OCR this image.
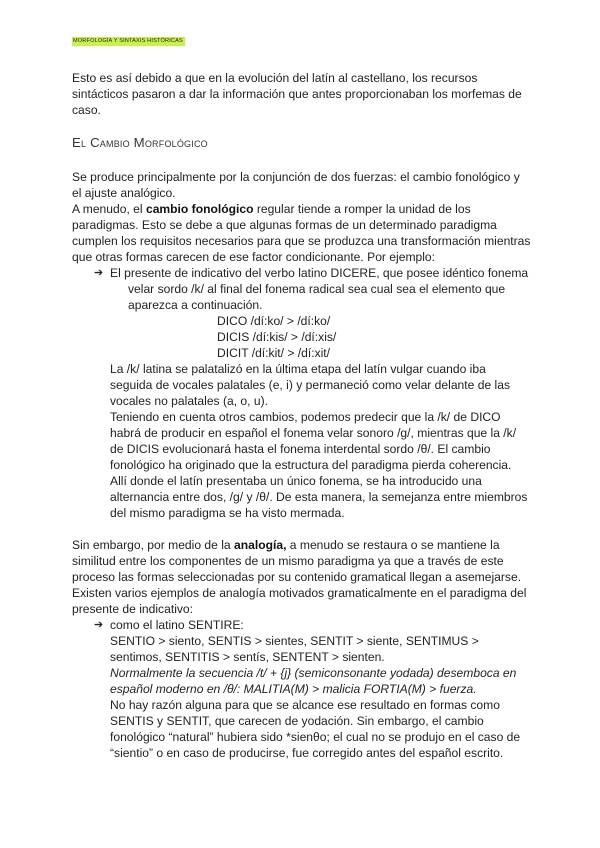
MORFOLOGÍA Y SINTAXIS HISTÓRICAS

Esto es así debido a que en la evolución del latín al castellano, los recursos sintácticos pasaron a dar la información que antes proporcionaban los morfemas de caso.

El Cambio Morfológico

Se produce principalmente por la conjunción de dos fuerzas: el cambio fonológico y el ajuste analógico.

A menudo, el cambio fonológico regular tiende a romper la unidad de los paradigmas. Esto se debe a que algunas formas de un determinado paradigma cumplen los requisitos necesarios para que se produzca una transformación mientras que otras formas carecen de ese factor condicionante. Por ejemplo:

➔ El presente de indicativo del verbo latino DICERE, que posee idéntico fonema
velar sordo /k/ al final del fonema radical sea cual sea el elemento que
aparezca a continuación.
DICO /dí:ko/ > /dí:ko/
DICIS /dí:kis/ > /dí:xis/
DICIT /dí:kit/ > /dí:xit/
La /k/ latina se palatalizó en la última etapa del latín vulgar cuando iba
seguida de vocales palatales (e, i) y permaneció como velar delante de las
vocales no palatales (a, o, u).
Teniendo en cuenta otros cambios, podemos predecir que la /k/ de DICO
habrá de producir en español el fonema velar sonoro /g/, mientras que la /k/
de DICIS evolucionará hasta el fonema interdental sordo /θ/. El cambio
fonológico ha originado que la estructura del paradigma pierda coherencia.
Allí donde el latín presentaba un único fonema, se ha introducido una
alternancia entre dos, /g/ y /θ/. De esta manera, la semejanza entre miembros
del mismo paradigma se ha visto mermada.

Sin embargo, por medio de la analogía, a menudo se restaura o se mantiene la similitud entre los componentes de un mismo paradigma ya que a través de este proceso las formas seleccionadas por su contenido gramatical llegan a asemejarse. Existen varios ejemplos de analogía motivados gramaticalmente en el paradigma del presente de indicativo:

➔ como el latino SENTIRE:
SENTIO > siento, SENTIS > sientes, SENTIT > siente, SENTIMUS >
sentimos, SENTITIS > sentís, SENTENT > sienten.
Normalmente la secuencia /t/ + {j} (semiconsonante yodada) desemboca en
español moderno en /θ/: MALITIA(M) > malicia FORTIA(M) > fuerza.
No hay razón alguna para que se alcance ese resultado en formas como
SENTIS y SENTIT, que carecen de yodación. Sin embargo, el cambio
fonológico “natural” hubiera sido *sienθo; el cual no se produjo en el caso de
“sientio” o en caso de producirse, fue corregido antes del español escrito.
